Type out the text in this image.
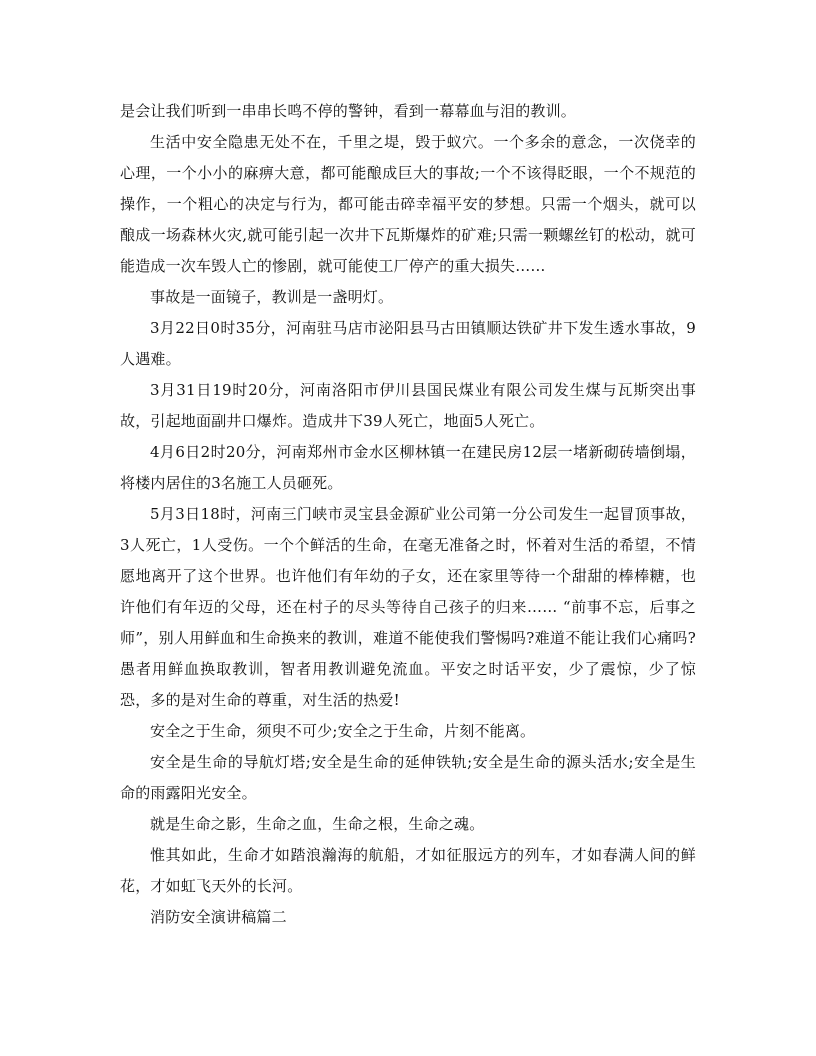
是会让我们听到一串串长鸣不停的警钟，看到一幕幕血与泪的教训。

生活中安全隐患无处不在，千里之堤，毁于蚁穴。一个多余的意念，一次侥幸的心理，一个小小的麻痹大意，都可能酿成巨大的事故;一个不该得眨眼，一个不规范的操作，一个粗心的决定与行为，都可能击碎幸福平安的梦想。只需一个烟头，就可以酿成一场森林火灾,就可能引起一次井下瓦斯爆炸的矿难;只需一颗螺丝钉的松动，就可能造成一次车毁人亡的惨剧，就可能使工厂停产的重大损失……

事故是一面镜子，教训是一盏明灯。

3月22日0时35分，河南驻马店市泌阳县马古田镇顺达铁矿井下发生透水事故，9人遇难。

3月31日19时20分，河南洛阳市伊川县国民煤业有限公司发生煤与瓦斯突出事故，引起地面副井口爆炸。造成井下39人死亡，地面5人死亡。

4月6日2时20分，河南郑州市金水区柳林镇一在建民房12层一堵新砌砖墙倒塌，将楼内居住的3名施工人员砸死。

5月3日18时，河南三门峡市灵宝县金源矿业公司第一分公司发生一起冒顶事故，3人死亡，1人受伤。一个个鲜活的生命，在毫无准备之时，怀着对生活的希望，不情愿地离开了这个世界。也许他们有年幼的子女，还在家里等待一个甜甜的棒棒糖，也许他们有年迈的父母，还在村子的尽头等待自己孩子的归来…… “前事不忘，后事之师”，别人用鲜血和生命换来的教训，难道不能使我们警惕吗?难道不能让我们心痛吗?愚者用鲜血换取教训，智者用教训避免流血。平安之时话平安，少了震惊，少了惊恐，多的是对生命的尊重，对生活的热爱!

安全之于生命，须臾不可少;安全之于生命，片刻不能离。

安全是生命的导航灯塔;安全是生命的延伸铁轨;安全是生命的源头活水;安全是生命的雨露阳光安全。

就是生命之影，生命之血，生命之根，生命之魂。

惟其如此，生命才如踏浪瀚海的航船，才如征服远方的列车，才如春满人间的鲜花，才如虹飞天外的长河。

消防安全演讲稿篇二
